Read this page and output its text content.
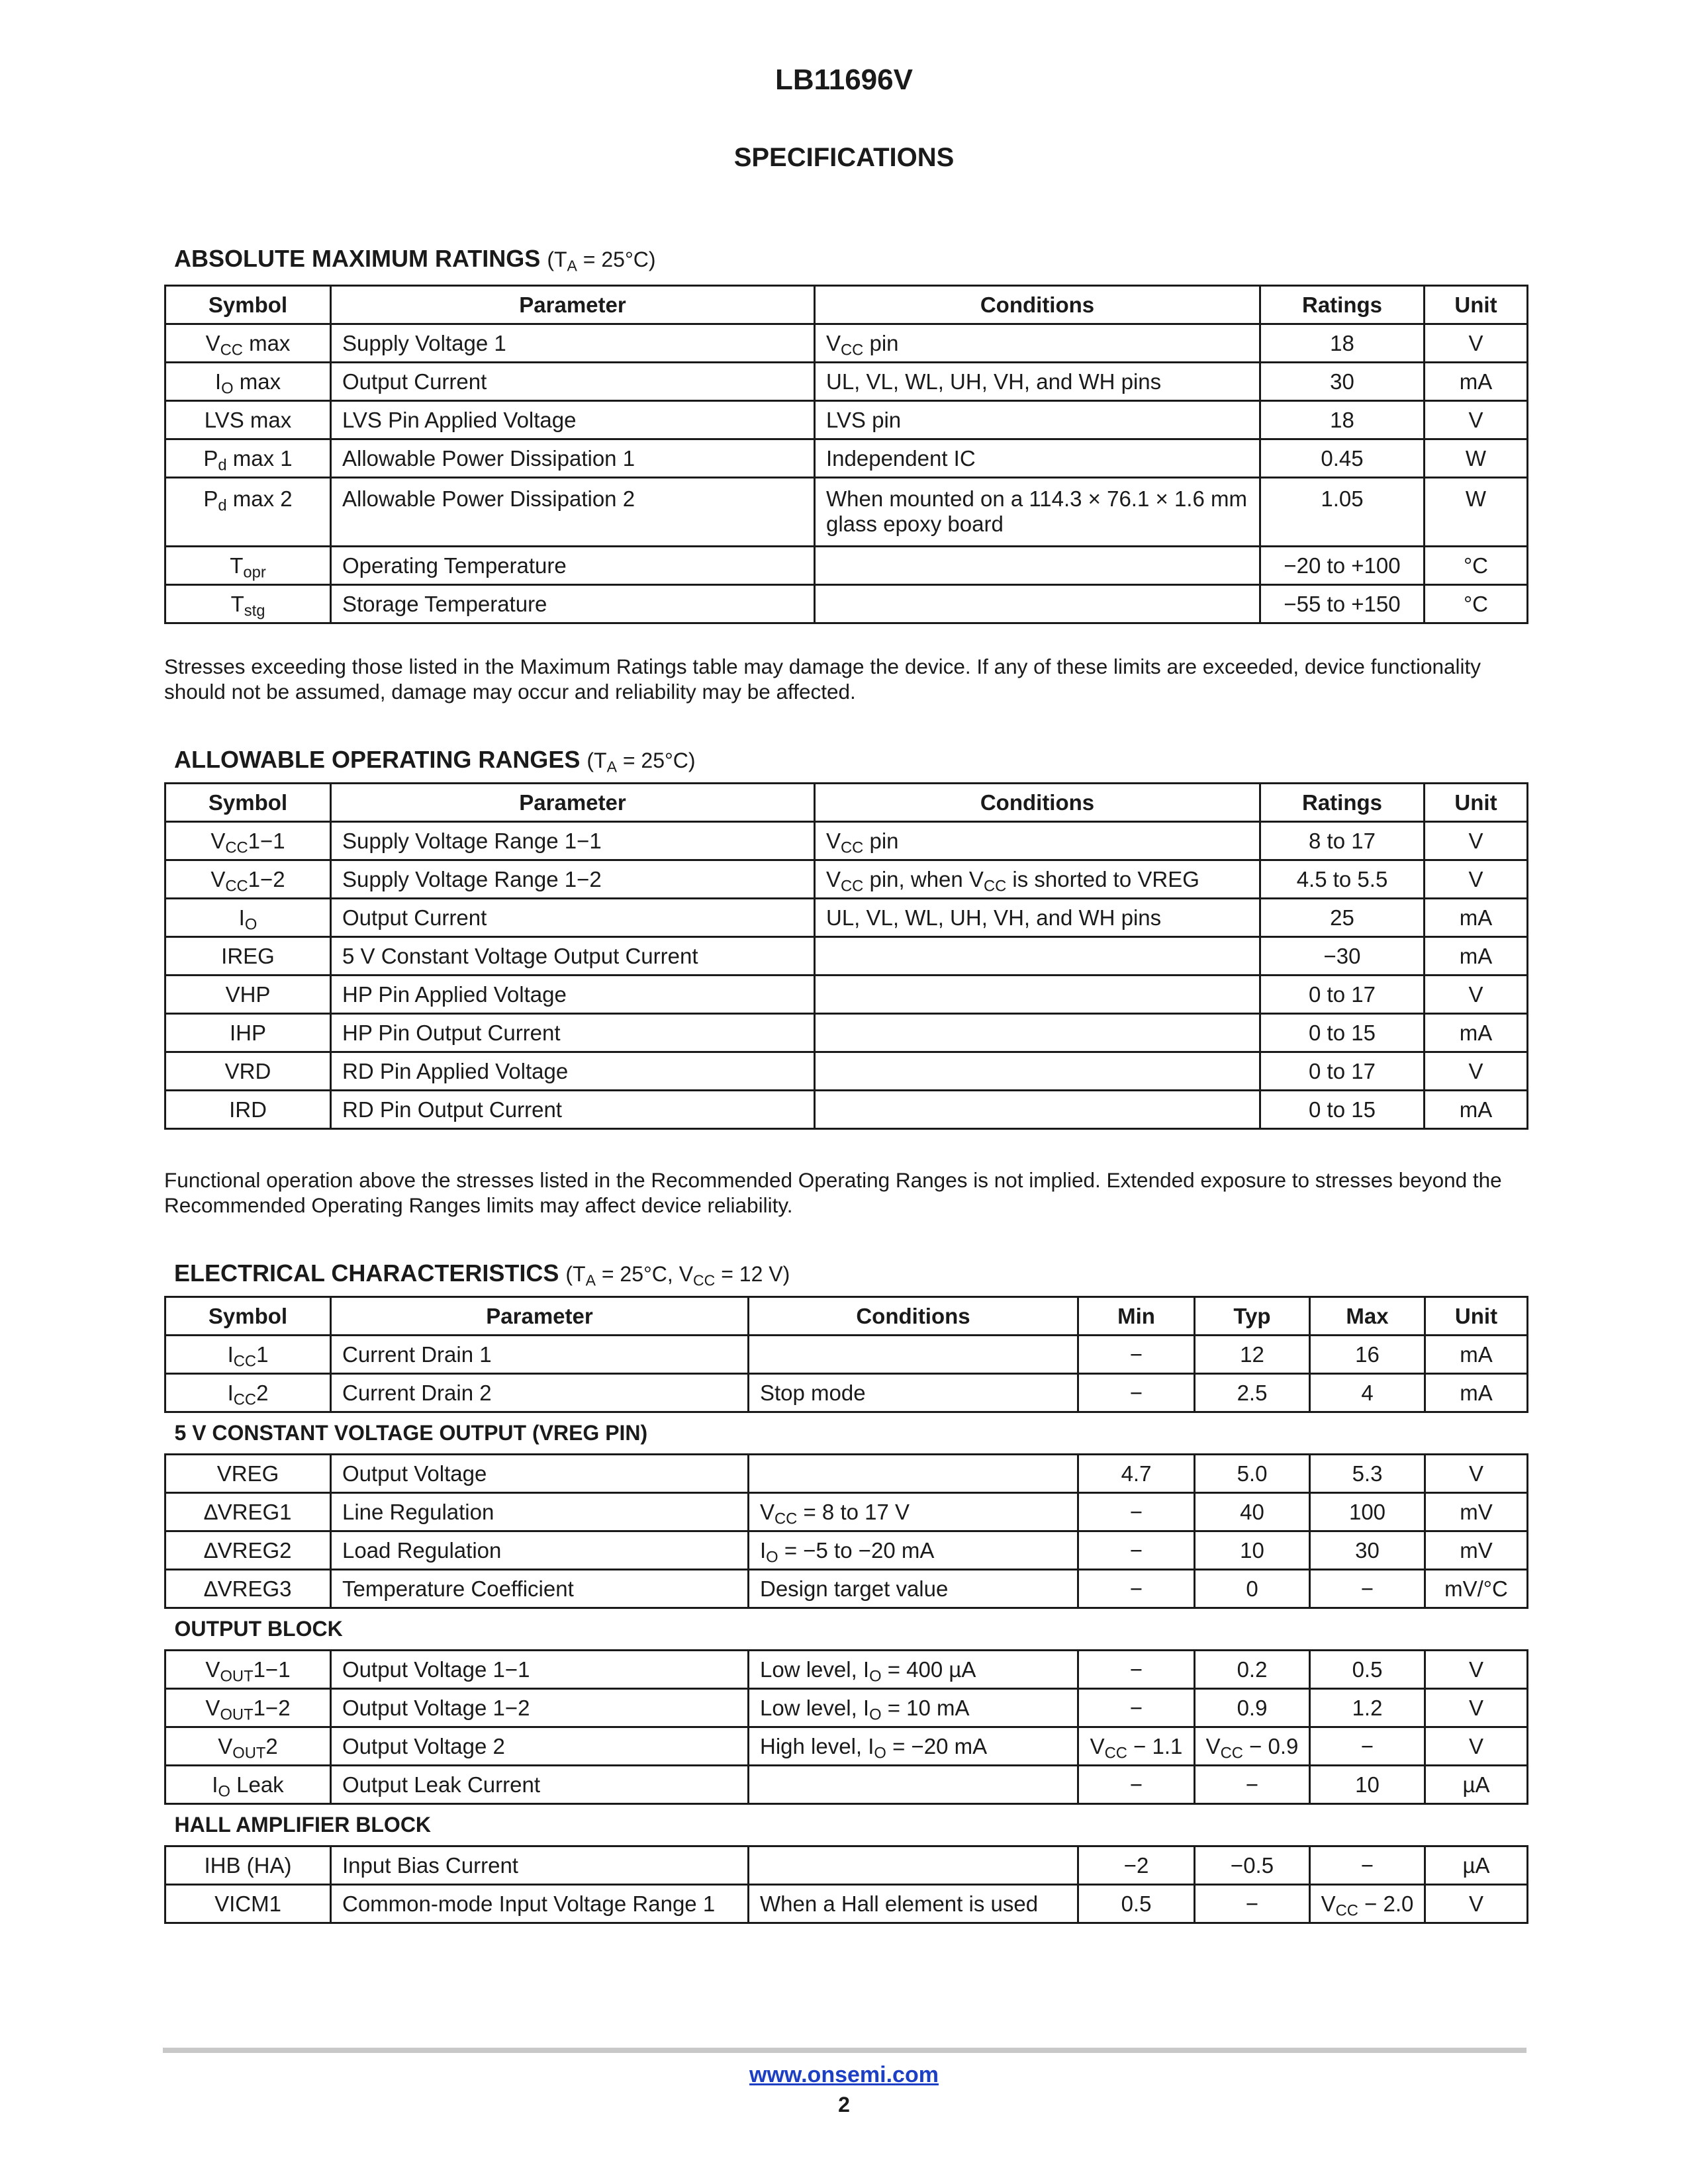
LB11696V
SPECIFICATIONS
ABSOLUTE MAXIMUM RATINGS $(T_A = 25^\circ C)$
Symbol	Parameter	Conditions	Ratings	Unit
$V_{CC}$ max	Supply Voltage 1	$V_{CC}$ pin	18	V
$I_O$ max	Output Current	UL, VL, WL, UH, VH, and WH pins	30	mA
LVS max	LVS Pin Applied Voltage	LVS pin	18	V
$P_d$ max 1	Allowable Power Dissipation 1	Independent IC	0.45	W
$P_d$ max 2	Allowable Power Dissipation 2	When mounted on a 114.3 × 76.1 × 1.6 mm glass epoxy board	1.05	W
$T_{opr}$	Operating Temperature		−20 to +100	°C
$T_{stg}$	Storage Temperature		−55 to +150	°C
Stresses exceeding those listed in the Maximum Ratings table may damage the device. If any of these limits are exceeded, device functionality should not be assumed, damage may occur and reliability may be affected.
ALLOWABLE OPERATING RANGES $(T_A = 25^\circ C)$
Symbol	Parameter	Conditions	Ratings	Unit
$V_{CC}1-1$	Supply Voltage Range 1−1	$V_{CC}$ pin	8 to 17	V
$V_{CC}1-2$	Supply Voltage Range 1−2	$V_{CC}$ pin, when $V_{CC}$ is shorted to VREG	4.5 to 5.5	V
$I_O$	Output Current	UL, VL, WL, UH, VH, and WH pins	25	mA
IREG	5 V Constant Voltage Output Current		−30	mA
VHP	HP Pin Applied Voltage		0 to 17	V
IHP	HP Pin Output Current		0 to 15	mA
VRD	RD Pin Applied Voltage		0 to 17	V
IRD	RD Pin Output Current		0 to 15	mA
Functional operation above the stresses listed in the Recommended Operating Ranges is not implied. Extended exposure to stresses beyond the Recommended Operating Ranges limits may affect device reliability.
ELECTRICAL CHARACTERISTICS ($T_A = 25^\circ C$, $V_{CC} = 12$ V)
Symbol	Parameter	Conditions	Min	Typ	Max	Unit
$I_{CC}1$	Current Drain 1		−	12	16	mA
$I_{CC}2$	Current Drain 2	Stop mode	−	2.5	4	mA
5 V CONSTANT VOLTAGE OUTPUT (VREG PIN)						
VREG	Output Voltage		4.7	5.0	5.3	V
∆VREG1	Line Regulation	$V_{CC} = 8$ to 17 V	−	40	100	mV
∆VREG2	Load Regulation	$I_O = -5$ to −20 mA	−	10	30	mV
∆VREG3	Temperature Coefficient	Design target value	−	0	−	mV/°C
OUTPUT BLOCK						
$V_{OUT}1-1$	Output Voltage 1−1	Low level, $I_O = 400$ µA	−	0.2	0.5	V
$V_{OUT}1-2$	Output Voltage 1−2	Low level, $I_O = 10$ mA	−	0.9	1.2	V
$V_{OUT}2$	Output Voltage 2	High level, $I_O = -20$ mA	$V_{CC} - 1.1$	$V_{CC} - 0.9$	−	V
$I_O$ Leak	Output Leak Current		−	−	10	µA
HALL AMPLIFIER BLOCK						
IHB (HA)	Input Bias Current		−2	−0.5	−	µA
VICM1	Common-mode Input Voltage Range 1	When a Hall element is used	0.5	−	$V_{CC} - 2.0$	V
www.onsemi.com
2
